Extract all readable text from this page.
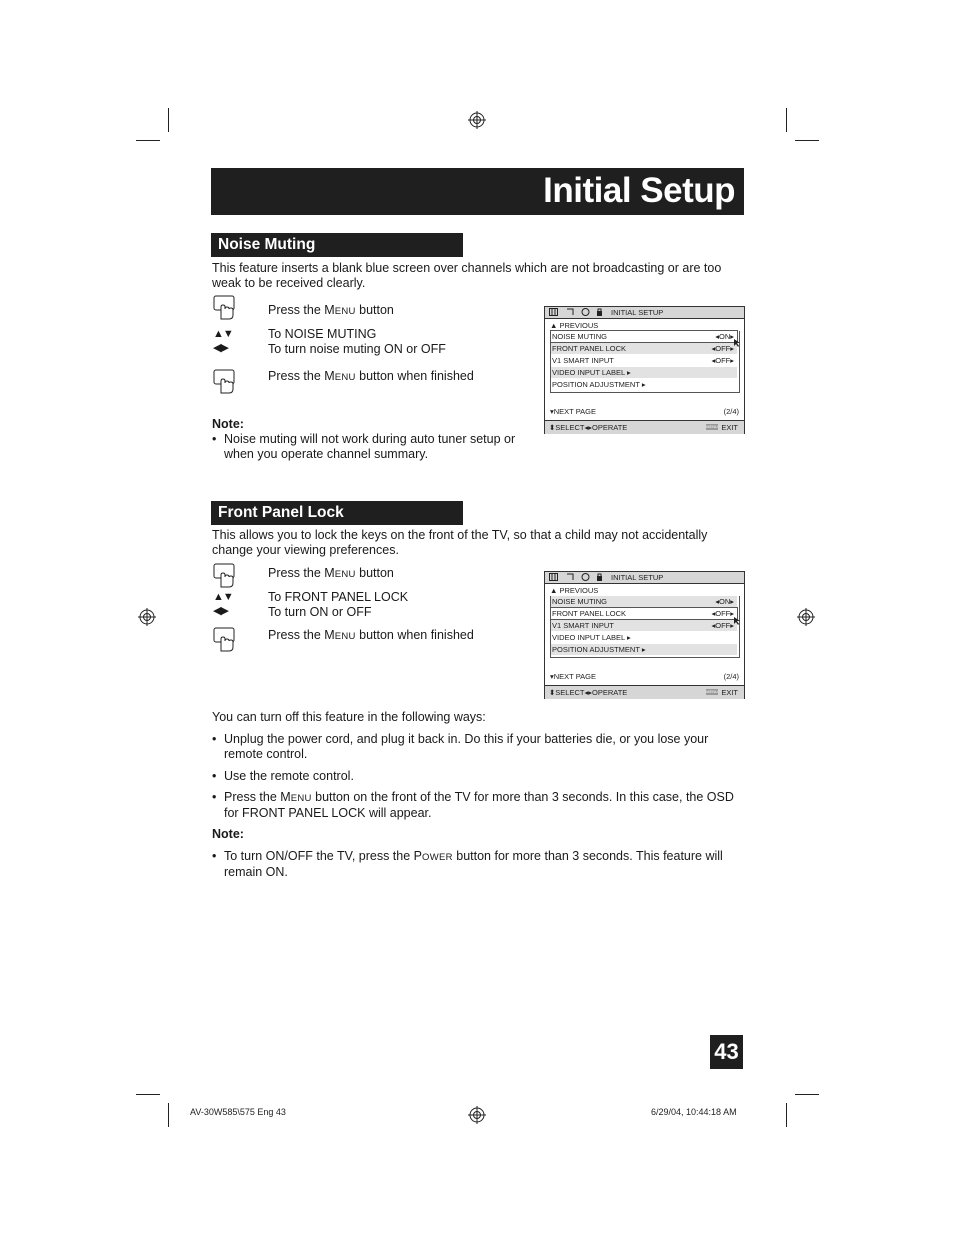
Initial Setup
Noise Muting
This feature inserts a blank blue screen over channels which are not broadcasting or are too
weak to be received clearly.
Press the MENU button
▲▼
◀▶
To NOISE MUTING
To turn noise muting ON or OFF
Press the MENU button when finished
Note:
• Noise muting will not work during auto tuner setup or
when you operate channel summary.
INITIAL SETUP
▲ PREVIOUS
NOISE MUTING	◂ON▸
FRONT PANEL LOCK	◂OFF▸
V1 SMART INPUT	◂OFF▸
VIDEO INPUT LABEL ▸
POSITION ADJUSTMENT ▸
▾NEXT PAGE	(2/4)
⬍SELECT◂▸OPERATE	MENU EXIT
Front Panel Lock
This allows you to lock the keys on the front of the TV, so that a child may not accidentally
change your viewing preferences.
Press the MENU button
▲▼
◀▶
To FRONT PANEL LOCK
To turn ON or OFF
Press the MENU button when finished
INITIAL SETUP
▲ PREVIOUS
NOISE MUTING	◂ON▸
FRONT PANEL LOCK	◂OFF▸
V1 SMART INPUT	◂OFF▸
VIDEO INPUT LABEL ▸
POSITION ADJUSTMENT ▸
▾NEXT PAGE	(2/4)
⬍SELECT◂▸OPERATE	MENU EXIT
You can turn off this feature in the following ways:
• Unplug the power cord, and plug it back in. Do this if your batteries die, or you lose your
remote control.
• Use the remote control.
• Press the MENU button on the front of the TV for more than 3 seconds. In this case, the OSD
for FRONT PANEL LOCK will appear.
Note:
• To turn ON/OFF the TV, press the POWER button for more than 3 seconds. This feature will
remain ON.
43
AV-30W585\575 Eng 43	6/29/04, 10:44:18 AM
